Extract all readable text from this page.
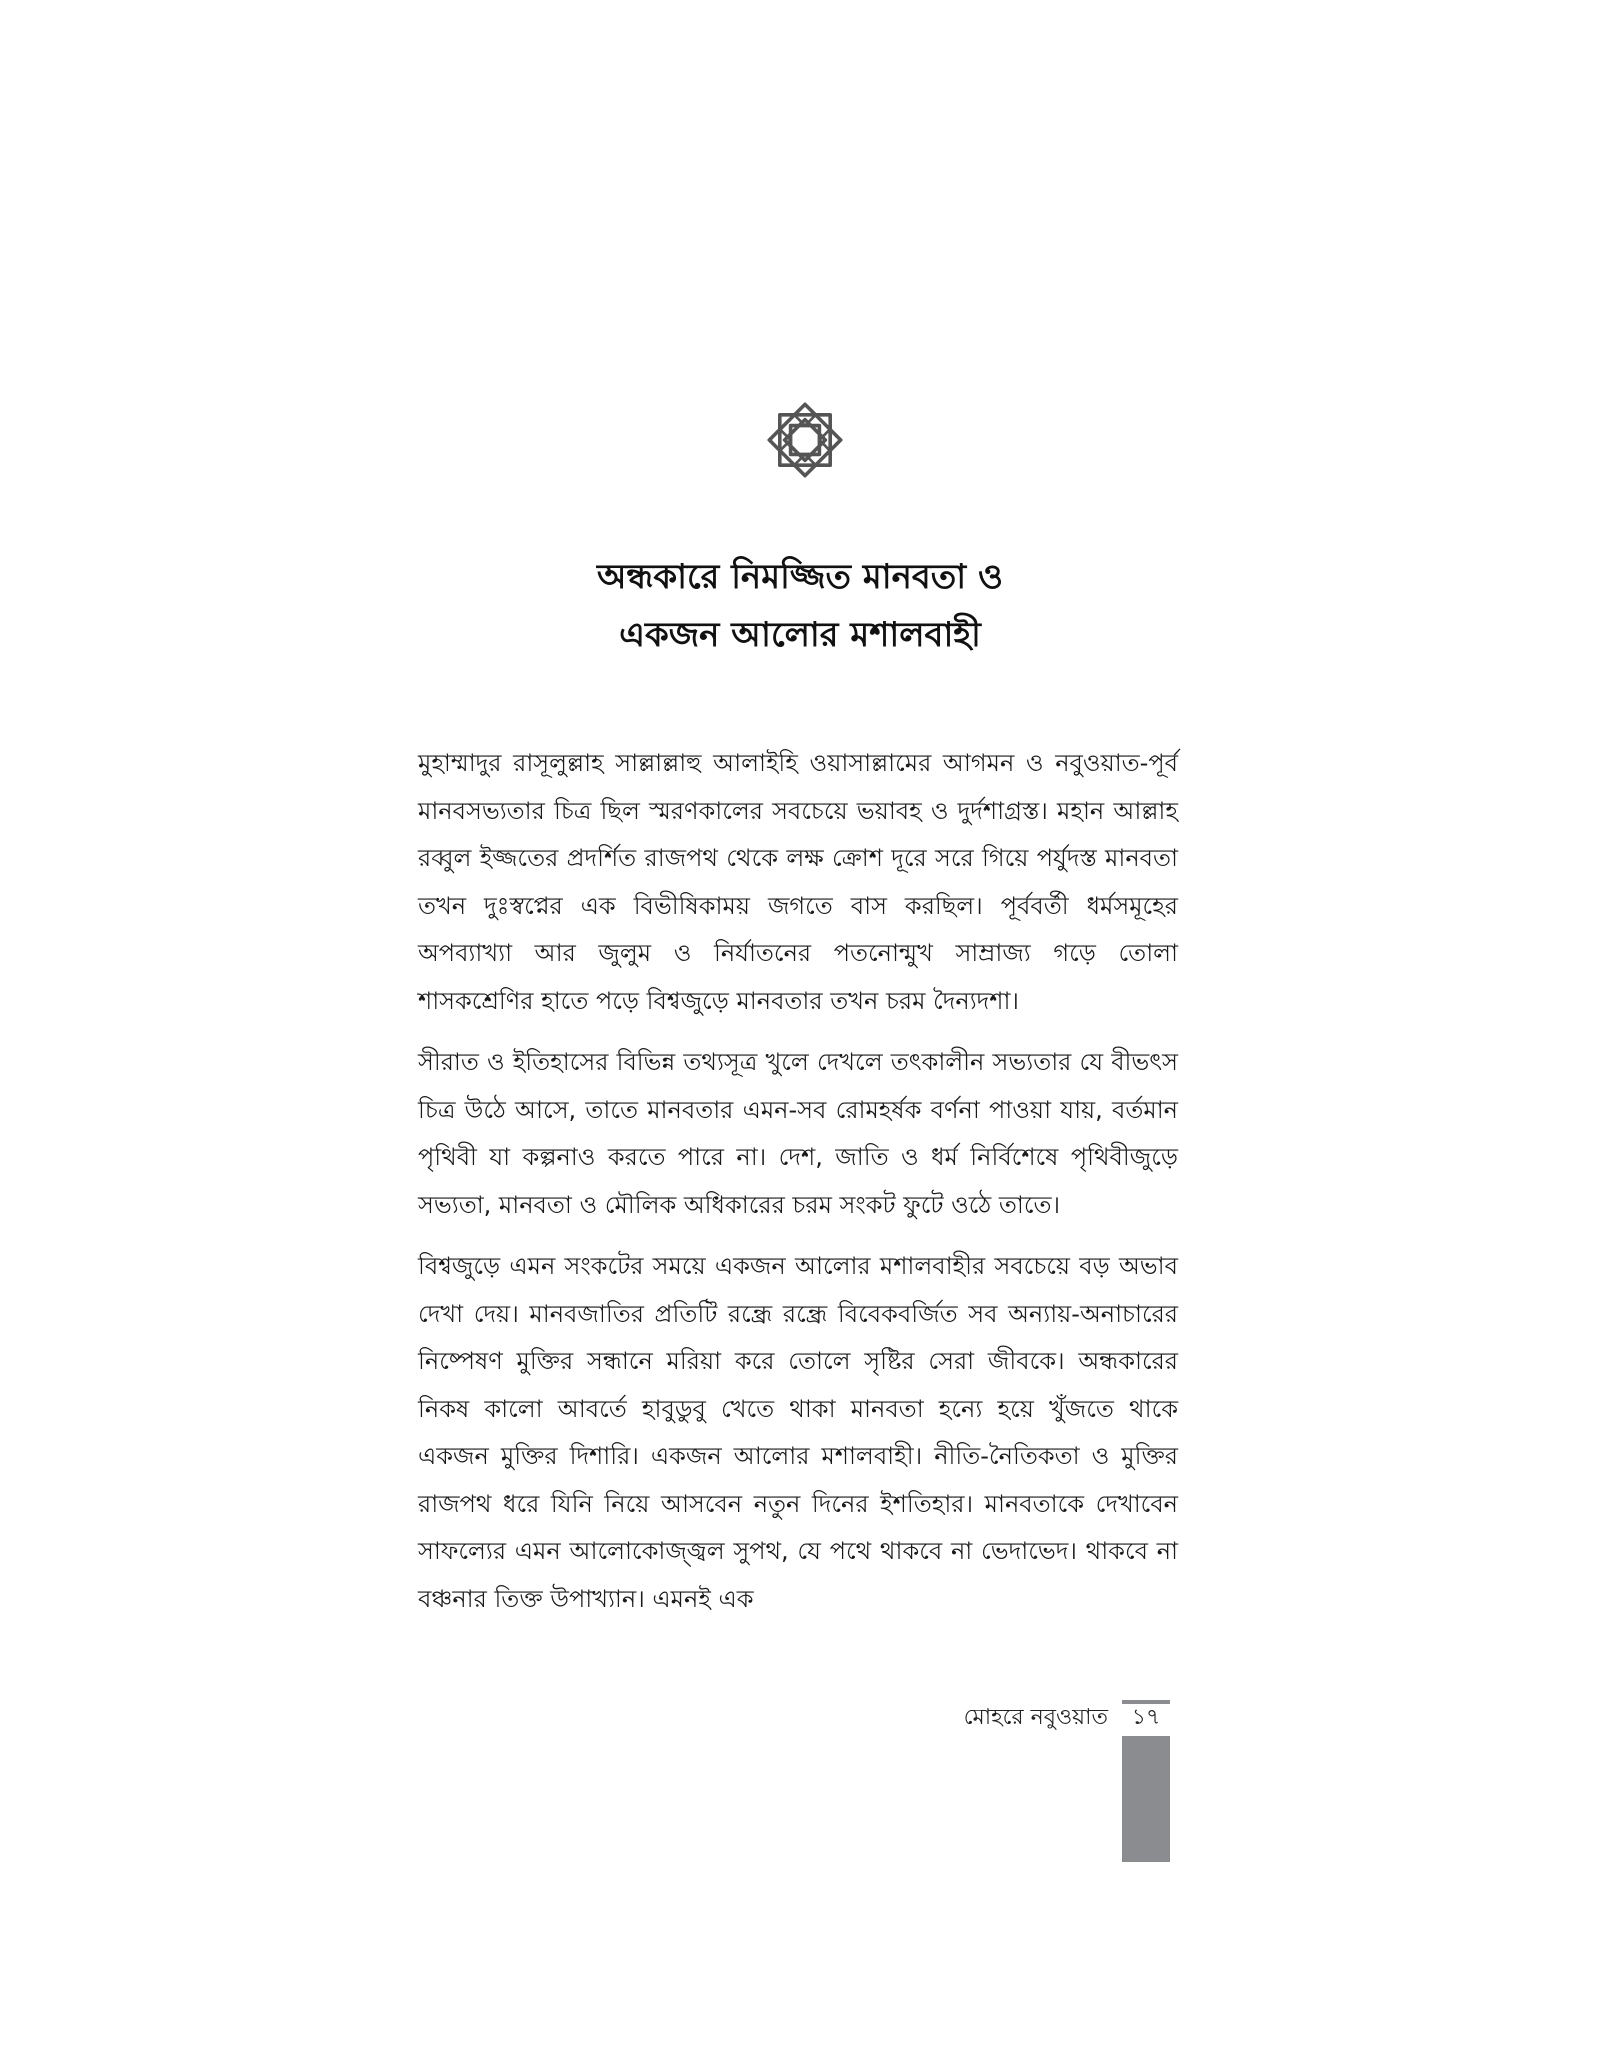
অন্ধকারে নিমজ্জিত মানবতা ও
একজন আলোর মশালবাহী

মুহাম্মাদুর রাসূলুল্লাহ সাল্লাল্লাহু আলাইহি ওয়াসাল্লামের আগমন ও নবুওয়াত-পূর্ব মানবসভ্যতার চিত্র ছিল স্মরণকালের সবচেয়ে ভয়াবহ ও দুর্দশাগ্রস্ত। মহান আল্লাহ রব্বুল ইজ্জতের প্রদর্শিত রাজপথ থেকে লক্ষ ক্রোশ দূরে সরে গিয়ে পর্যুদস্ত মানবতা তখন দুঃস্বপ্নের এক বিভীষিকাময় জগতে বাস করছিল। পূর্ববর্তী ধর্মসমূহের অপব্যাখ্যা আর জুলুম ও নির্যাতনের পতনোন্মুখ সাম্রাজ্য গড়ে তোলা শাসকশ্রেণির হাতে পড়ে বিশ্বজুড়ে মানবতার তখন চরম দৈন্যদশা।

সীরাত ও ইতিহাসের বিভিন্ন তথ্যসূত্র খুলে দেখলে তৎকালীন সভ্যতার যে বীভৎস চিত্র উঠে আসে, তাতে মানবতার এমন-সব রোমহর্ষক বর্ণনা পাওয়া যায়, বর্তমান পৃথিবী যা কল্পনাও করতে পারে না। দেশ, জাতি ও ধর্ম নির্বিশেষে পৃথিবীজুড়ে সভ্যতা, মানবতা ও মৌলিক অধিকারের চরম সংকট ফুটে ওঠে তাতে।

বিশ্বজুড়ে এমন সংকটের সময়ে একজন আলোর মশালবাহীর সবচেয়ে বড় অভাব দেখা দেয়। মানবজাতির প্রতিটি রন্ধ্রে রন্ধ্রে বিবেকবর্জিত সব অন্যায়-অনাচারের নিষ্পেষণ মুক্তির সন্ধানে মরিয়া করে তোলে সৃষ্টির সেরা জীবকে। অন্ধকারের নিকষ কালো আবর্তে হাবুডুবু খেতে থাকা মানবতা হন্যে হয়ে খুঁজতে থাকে একজন মুক্তির দিশারি। একজন আলোর মশালবাহী। নীতি-নৈতিকতা ও মুক্তির রাজপথ ধরে যিনি নিয়ে আসবেন নতুন দিনের ইশতিহার। মানবতাকে দেখাবেন সাফল্যের এমন আলোকোজ্জ্বল সুপথ, যে পথে থাকবে না ভেদাভেদ। থাকবে না বঞ্চনার তিক্ত উপাখ্যান। এমনই এক

মোহরে নবুওয়াত	১৭
